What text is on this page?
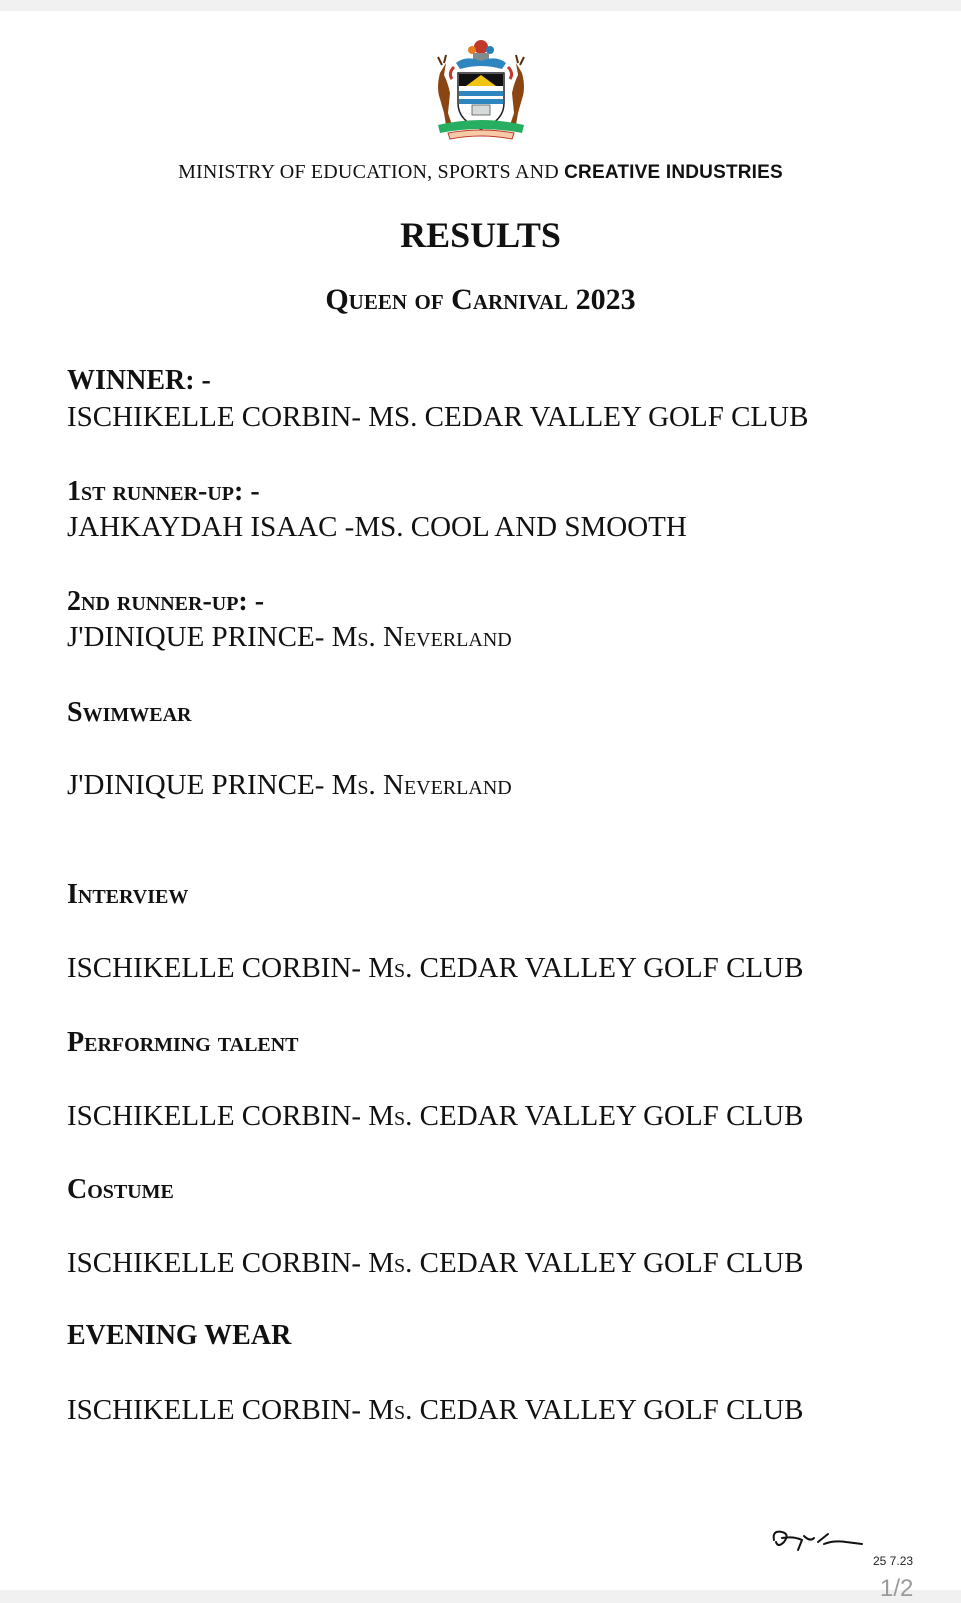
MINISTRY OF EDUCATION, SPORTS AND CREATIVE INDUSTRIES
RESULTS
Queen of Carnival 2023
WINNER: -
ISCHIKELLE CORBIN- MS. CEDAR VALLEY GOLF CLUB
1st runner-up: -
JAHKAYDAH ISAAC -MS. COOL AND SMOOTH
2nd runner-up: -
J'DINIQUE PRINCE- Ms. Neverland
Swimwear
J'DINIQUE PRINCE- Ms. Neverland
Interview
ISCHIKELLE CORBIN- Ms. CEDAR VALLEY GOLF CLUB
Performing talent
ISCHIKELLE CORBIN- Ms. CEDAR VALLEY GOLF CLUB
Costume
ISCHIKELLE CORBIN- Ms. CEDAR VALLEY GOLF CLUB
EVENING WEAR
ISCHIKELLE CORBIN- Ms. CEDAR VALLEY GOLF CLUB
25 7.23
1/2
